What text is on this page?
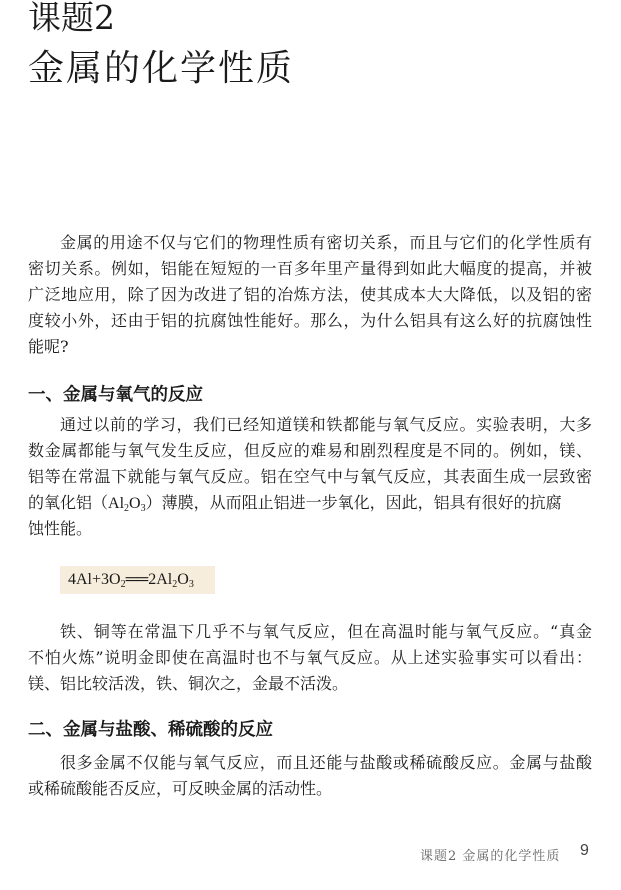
课题2
金属的化学性质
金属的用途不仅与它们的物理性质有密切关系，而且与它们的化学性质有
密切关系。例如，铝能在短短的一百多年里产量得到如此大幅度的提高，并被
广泛地应用，除了因为改进了铝的冶炼方法，使其成本大大降低，以及铝的密
度较小外，还由于铝的抗腐蚀性能好。那么，为什么铝具有这么好的抗腐蚀性
能呢?
一、金属与氧气的反应
通过以前的学习，我们已经知道镁和铁都能与氧气反应。实验表明，大多
数金属都能与氧气发生反应，但反应的难易和剧烈程度是不同的。例如，镁、
铝等在常温下就能与氧气反应。铝在空气中与氧气反应，其表面生成一层致密
的氧化铝$(Al_2O_3)$薄膜，从而阻止铝进一步氧化，因此，铝具有很好的抗腐
蚀性能。
$4Al+3O_2══2Al_2O_3$
铁、铜等在常温下几乎不与氧气反应，但在高温时能与氧气反应。“真金
不怕火炼”说明金即使在高温时也不与氧气反应。从上述实验事实可以看出：
镁、铝比较活泼，铁、铜次之，金最不活泼。
二、金属与盐酸、稀硫酸的反应
很多金属不仅能与氧气反应，而且还能与盐酸或稀硫酸反应。金属与盐酸
或稀硫酸能否反应，可反映金属的活动性。
课题2 金属的化学性质 9
